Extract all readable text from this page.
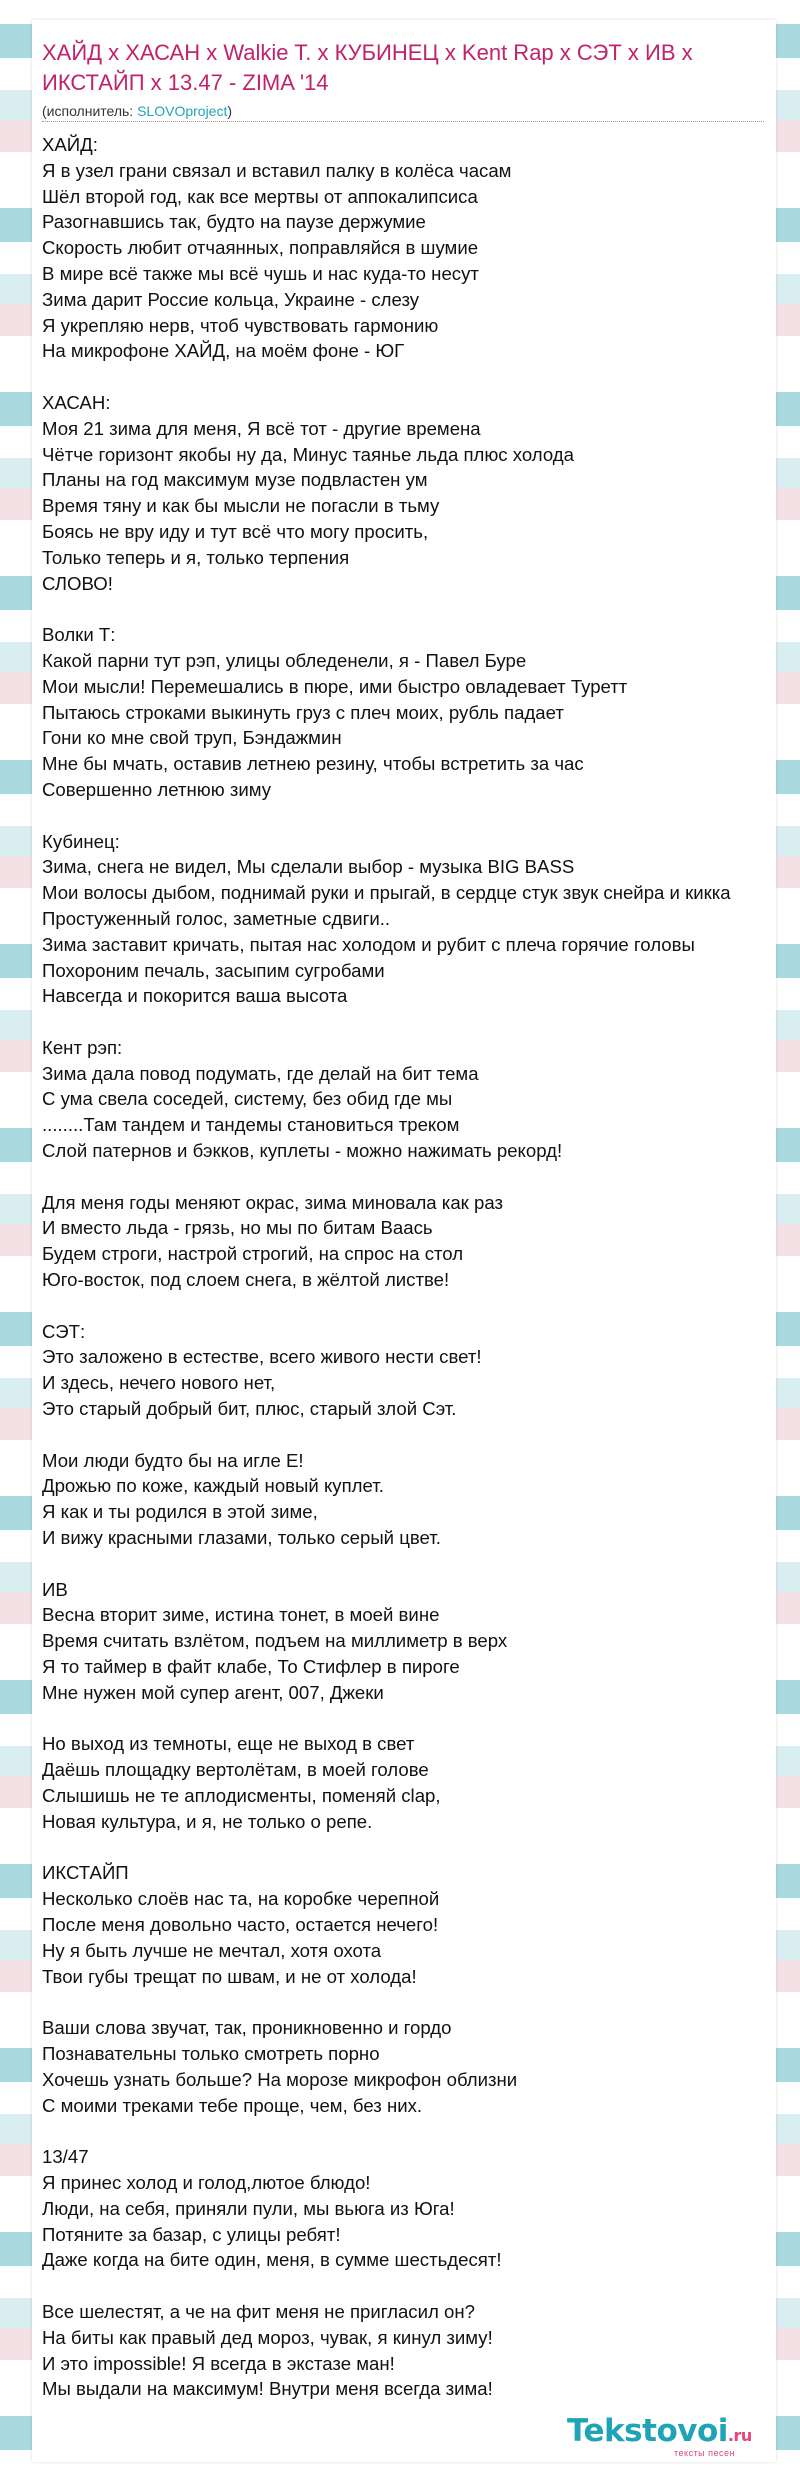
ХАЙД x ХАСАН x Walkie T. x КУБИНЕЦ x Kent Rap x СЭТ x ИВ x ИКСТАЙП x 13.47 - ZIMA '14
(исполнитель: SLOVOproject)
ХАЙД:
Я в узел грани связал и вставил палку в колёса часам
Шёл второй год, как все мертвы от аппокалипсиса
Разогнавшись так, будто на паузе держумие
Скорость любит отчаянных, поправляйся в шумие
В мире всё также мы всё чушь и нас куда-то несут
Зима дарит Россие кольца, Украине - слезу
Я укрепляю нерв, чтоб чувствовать гармонию
На микрофоне ХАЙД, на моём фоне - ЮГ
ХАСАН:
Моя 21 зима для меня, Я всё тот - другие времена
Чётче горизонт якобы ну да, Минус таянье льда плюс холода
Планы на год максимум музе подвластен ум
Время тяну и как бы мысли не погасли в тьму
Боясь не вру иду и тут всё что могу просить,
Только теперь и я, только терпения
СЛОВО!
Волки Т:
Какой парни тут рэп, улицы обледенели, я - Павел Буре
Мои мысли! Перемешались в пюре, ими быстро овладевает Туретт
Пытаюсь строками выкинуть груз с плеч моих, рубль падает
Гони ко мне свой труп, Бэндажмин
Мне бы мчать, оставив летнею резину, чтобы встретить за час
Совершенно летнюю зиму
Кубинец:
Зима, снега не видел, Мы сделали выбор - музыка BIG BASS
Мои волосы дыбом, поднимай руки и прыгай, в сердце стук звук снейра и кикка
Простуженный голос, заметные сдвиги..
Зима заставит кричать, пытая нас холодом и рубит с плеча горячие головы
Похороним печаль, засыпим сугробами
Навсегда и покорится ваша высота
Кент рэп:
Зима дала повод подумать, где делай на бит тема
С ума свела соседей, систему, без обид где мы
........Там тандем и тандемы становиться треком
Слой патернов и бэкков, куплеты - можно нажимать рекорд!
Для меня годы меняют окрас, зима миновала как раз
И вместо льда - грязь, но мы по битам Ваась
Будем строги, настрой строгий, на спрос на стол
Юго-восток, под слоем снега, в жёлтой листве!
СЭТ:
Это заложено в естестве, всего живого нести свет!
И здесь, нечего нового нет,
Это старый добрый бит, плюс, старый злой Сэт.
Мои люди будто бы на игле Е!
Дрожью по коже, каждый новый куплет.
Я как и ты родился в этой зиме,
И вижу красными глазами, только серый цвет.
ИВ
Весна вторит зиме, истина тонет, в моей вине
Время считать взлётом, подъем на миллиметр в верх
Я то таймер в файт клабе, То Стифлер в пироге
Мне нужен мой супер агент, 007, Джеки
Но выход из темноты, еще не выход в свет
Даёшь площадку вертолётам, в моей голове
Слышишь не те аплодисменты, поменяй clap,
Новая культура, и я, не только о репе.
ИКСТАЙП
Несколько слоёв нас та, на коробке черепной
После меня довольно часто, остается нечего!
Ну я быть лучше не мечтал, хотя охота
Твои губы трещат по швам, и не от холода!
Ваши слова звучат, так, проникновенно и гордо
Познавательны только смотреть порно
Хочешь узнать больше? На морозе микрофон облизни
С моими треками тебе проще, чем, без них.
13/47
Я принес холод и голод,лютое блюдо!
Люди, на себя, приняли пули, мы вьюга из Юга!
Потяните за базар, с улицы ребят!
Даже когда на бите один, меня, в сумме шестьдесят!
Все шелестят, а че на фит меня не пригласил он?
На биты как правый дед мороз, чувак, я кинул зиму!
И это impossible! Я всегда в экстазе ман!
Мы выдали на максимум! Внутри меня всегда зима!
Tekstovoi.ru
тексты песен
